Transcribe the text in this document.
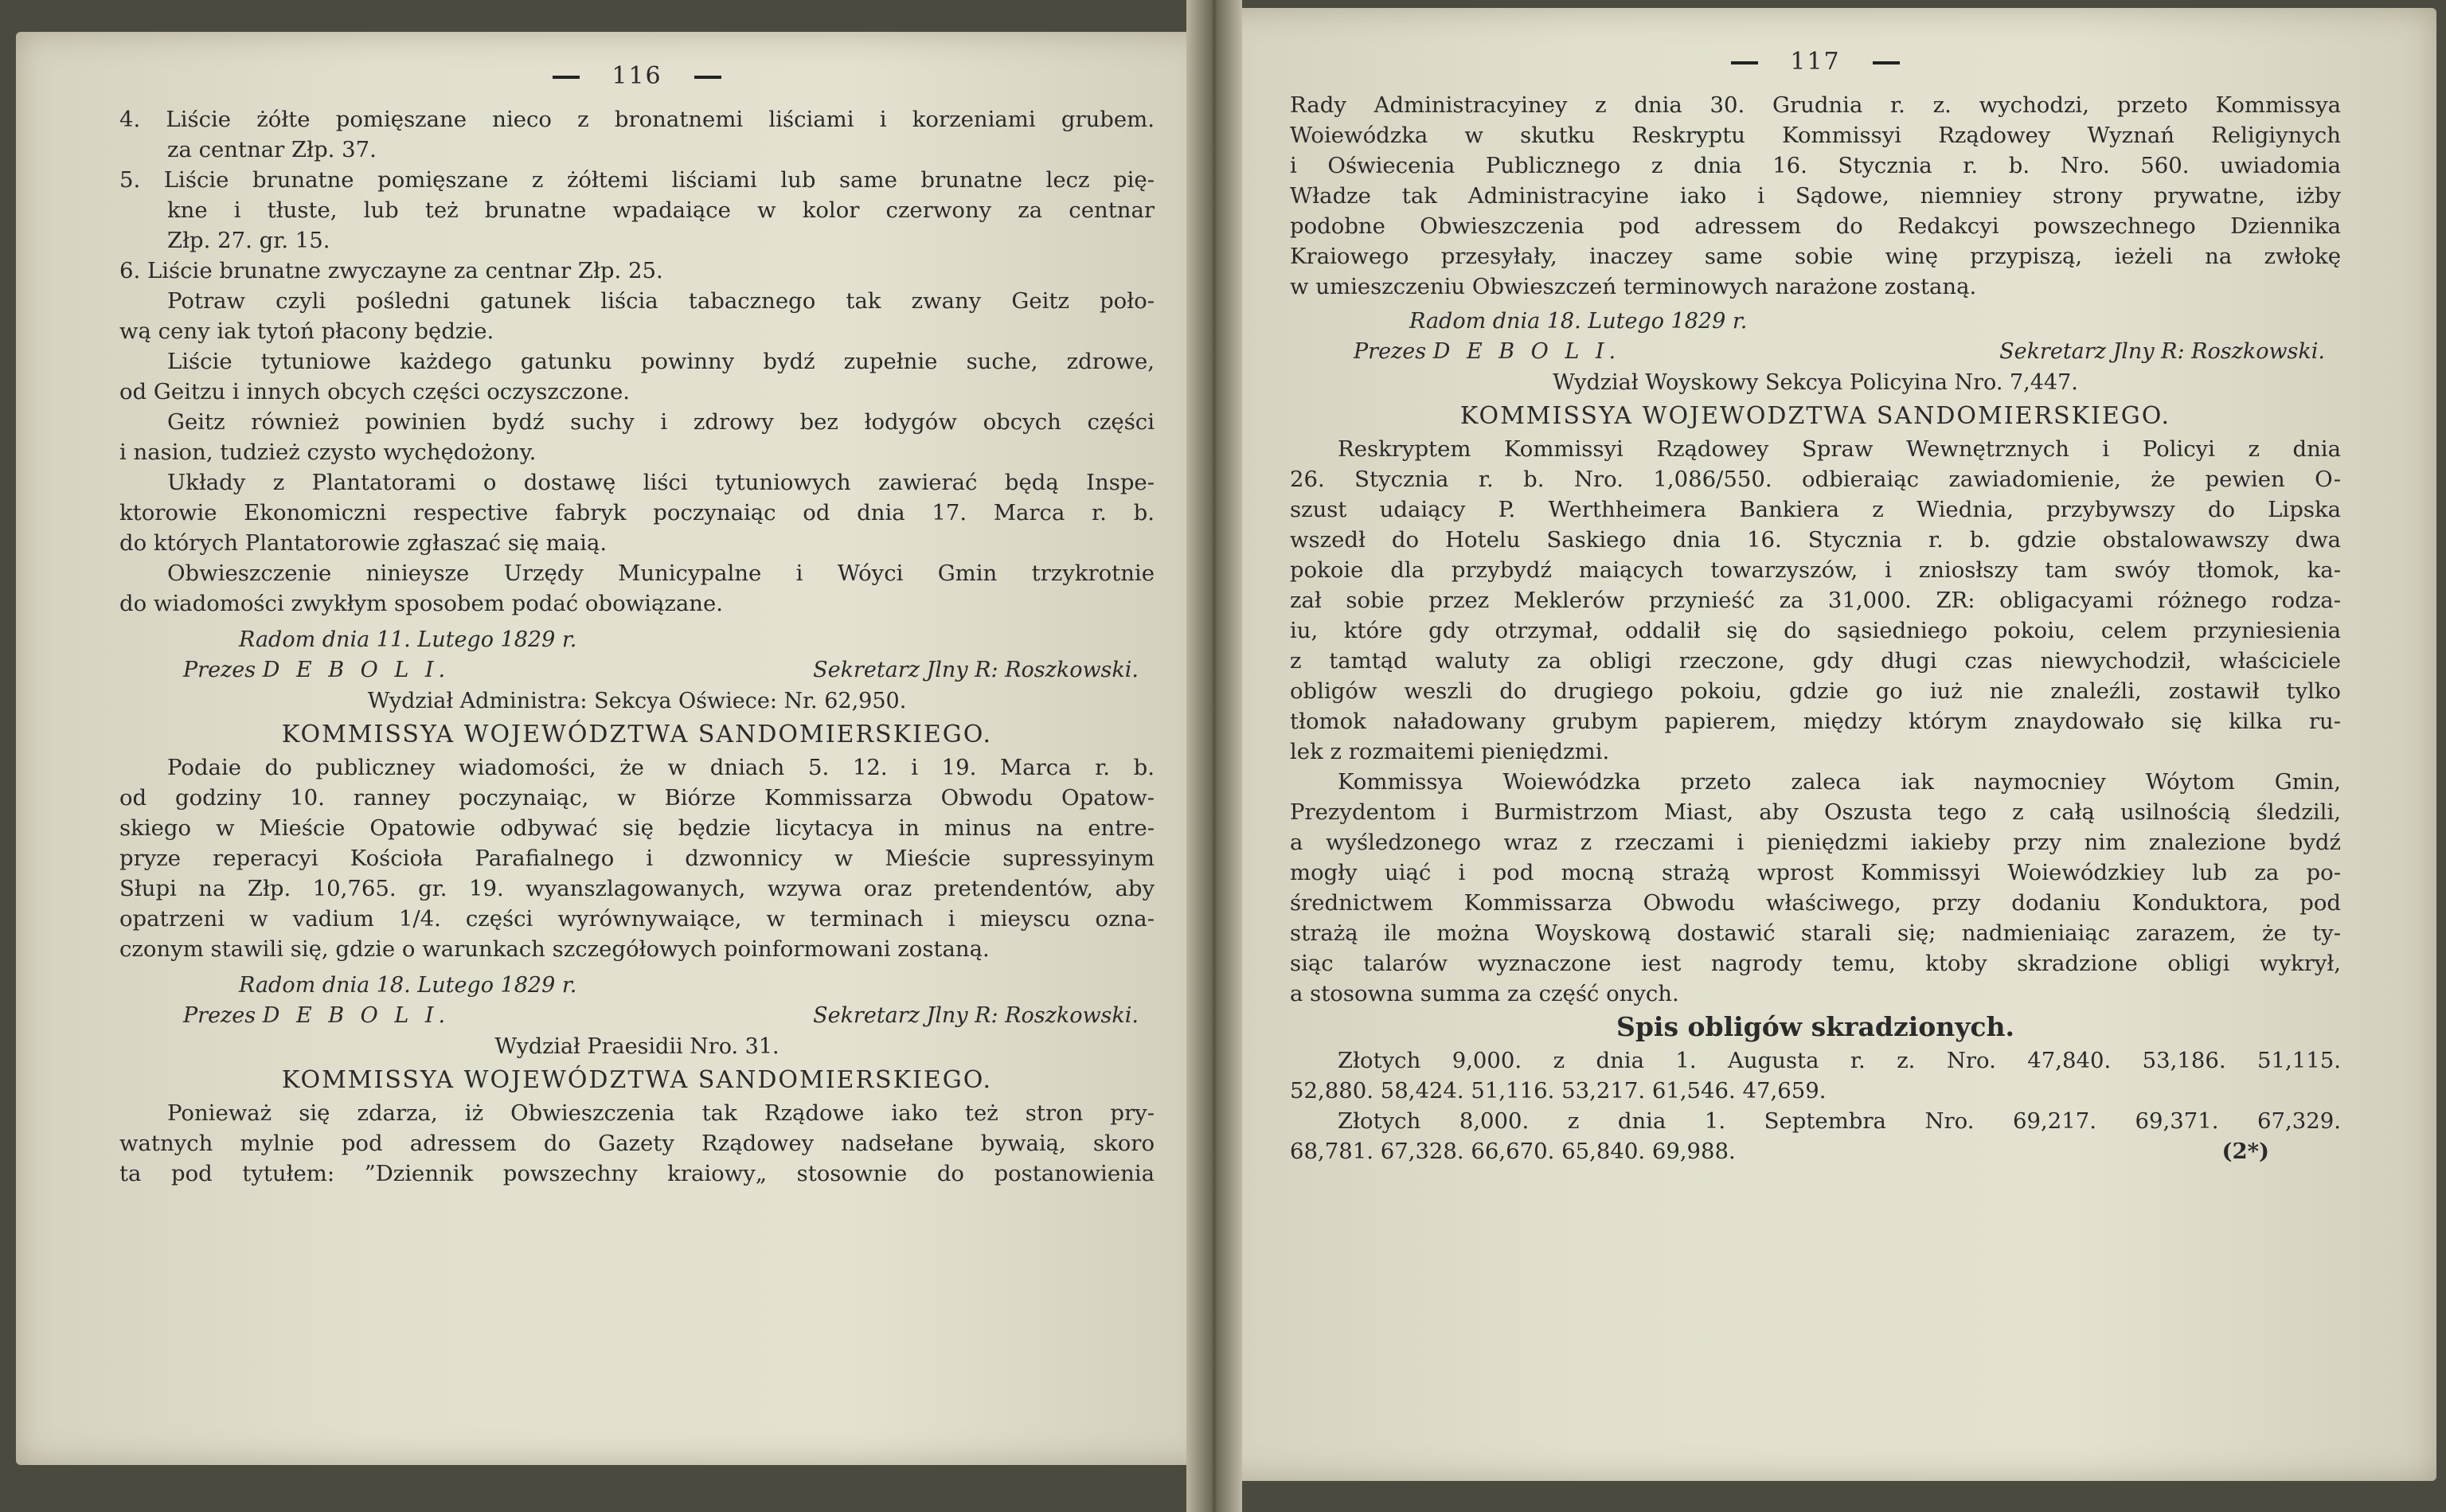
116
4. Liście żółte pomięszane nieco z bronatnemi liściami i korzeniami grubem.
za centnar Złp. 37.
5. Liście brunatne pomięszane z żółtemi liściami lub same brunatne lecz pię-
kne i tłuste, lub też brunatne wpadaiące w kolor czerwony za centnar
Złp. 27. gr. 15.
6. Liście brunatne zwyczayne za centnar Złp. 25.
Potraw czyli pośledni gatunek liścia tabacznego tak zwany Geitz poło-
wą ceny iak tytoń płacony będzie.
Liście tytuniowe każdego gatunku powinny bydź zupełnie suche, zdrowe,
od Geitzu i innych obcych części oczyszczone.
Geitz również powinien bydź suchy i zdrowy bez łodygów obcych części
i nasion, tudzież czysto wychędożony.
Układy z Plantatorami o dostawę liści tytuniowych zawierać będą Inspe-
ktorowie Ekonomiczni respective fabryk poczynaiąc od dnia 17. Marca r. b.
do których Plantatorowie zgłaszać się maią.
Obwieszczenie ninieysze Urzędy Municypalne i Wóyci Gmin trzykrotnie
do wiadomości zwykłym sposobem podać obowiązane.
Radom dnia 11. Lutego 1829 r.
Prezes D E B O L I.	Sekretarz Jlny R: Roszkowski.
Wydział Administra: Sekcya Oświece: Nr. 62,950.
KOMMISSYA WOJEWÓDZTWA SANDOMIERSKIEGO.
Podaie do publiczney wiadomości, że w dniach 5. 12. i 19. Marca r. b.
od godziny 10. ranney poczynaiąc, w Biórze Kommissarza Obwodu Opatow-
skiego w Mieście Opatowie odbywać się będzie licytacya in minus na entre-
pryze reperacyi Kościoła Parafialnego i dzwonnicy w Mieście supressyinym
Słupi na Złp. 10,765. gr. 19. wyanszlagowanych, wzywa oraz pretendentów, aby
opatrzeni w vadium 1/4. części wyrównywaiące, w terminach i mieyscu ozna-
czonym stawili się, gdzie o warunkach szczegółowych poinformowani zostaną.
Radom dnia 18. Lutego 1829 r.
Prezes D E B O L I.	Sekretarz Jlny R: Roszkowski.
Wydział Praesidii Nro. 31.
KOMMISSYA WOJEWÓDZTWA SANDOMIERSKIEGO.
Ponieważ się zdarza, iż Obwieszczenia tak Rządowe iako też stron pry-
watnych mylnie pod adressem do Gazety Rządowey nadsełane bywaią, skoro
ta pod tytułem: ”Dziennik powszechny kraiowy„ stosownie do postanowienia
117
Rady Administracyiney z dnia 30. Grudnia r. z. wychodzi, przeto Kommissya
Woiewódzka w skutku Reskryptu Kommissyi Rządowey Wyznań Religiynych
i Oświecenia Publicznego z dnia 16. Stycznia r. b. Nro. 560. uwiadomia
Władze tak Administracyine iako i Sądowe, niemniey strony prywatne, iżby
podobne Obwieszczenia pod adressem do Redakcyi powszechnego Dziennika
Kraiowego przesyłały, inaczey same sobie winę przypiszą, ieżeli na zwłokę
w umieszczeniu Obwieszczeń terminowych narażone zostaną.
Radom dnia 18. Lutego 1829 r.
Prezes D E B O L I.	Sekretarz Jlny R: Roszkowski.
Wydział Woyskowy Sekcya Policyina Nro. 7,447.
KOMMISSYA WOJEWODZTWA SANDOMIERSKIEGO.
Reskryptem Kommissyi Rządowey Spraw Wewnętrznych i Policyi z dnia
26. Stycznia r. b. Nro. 1,086/550. odbieraiąc zawiadomienie, że pewien O-
szust udaiący P. Werthheimera Bankiera z Wiednia, przybywszy do Lipska
wszedł do Hotelu Saskiego dnia 16. Stycznia r. b. gdzie obstalowawszy dwa
pokoie dla przybydź maiących towarzyszów, i zniosłszy tam swóy tłomok, ka-
zał sobie przez Meklerów przynieść za 31,000. ZR: obligacyami różnego rodza-
iu, które gdy otrzymał, oddalił się do sąsiedniego pokoiu, celem przyniesienia
z tamtąd waluty za obligi rzeczone, gdy długi czas niewychodził, właściciele
obligów weszli do drugiego pokoiu, gdzie go iuż nie znaleźli, zostawił tylko
tłomok naładowany grubym papierem, między którym znaydowało się kilka ru-
lek z rozmaitemi pieniędzmi.
Kommissya Woiewódzka przeto zaleca iak naymocniey Wóytom Gmin,
Prezydentom i Burmistrzom Miast, aby Oszusta tego z całą usilnością śledzili,
a wyśledzonego wraz z rzeczami i pieniędzmi iakieby przy nim znalezione bydź
mogły uiąć i pod mocną strażą wprost Kommissyi Woiewódzkiey lub za po-
średnictwem Kommissarza Obwodu właściwego, przy dodaniu Konduktora, pod
strażą ile można Woyskową dostawić starali się; nadmieniaiąc zarazem, że ty-
siąc talarów wyznaczone iest nagrody temu, ktoby skradzione obligi wykrył,
a stosowna summa za część onych.
Spis obligów skradzionych.
Złotych 9,000. z dnia 1. Augusta r. z. Nro. 47,840. 53,186. 51,115.
52,880. 58,424. 51,116. 53,217. 61,546. 47,659.
Złotych 8,000. z dnia 1. Septembra Nro. 69,217. 69,371. 67,329.
68,781. 67,328. 66,670. 65,840. 69,988.	(2*)
